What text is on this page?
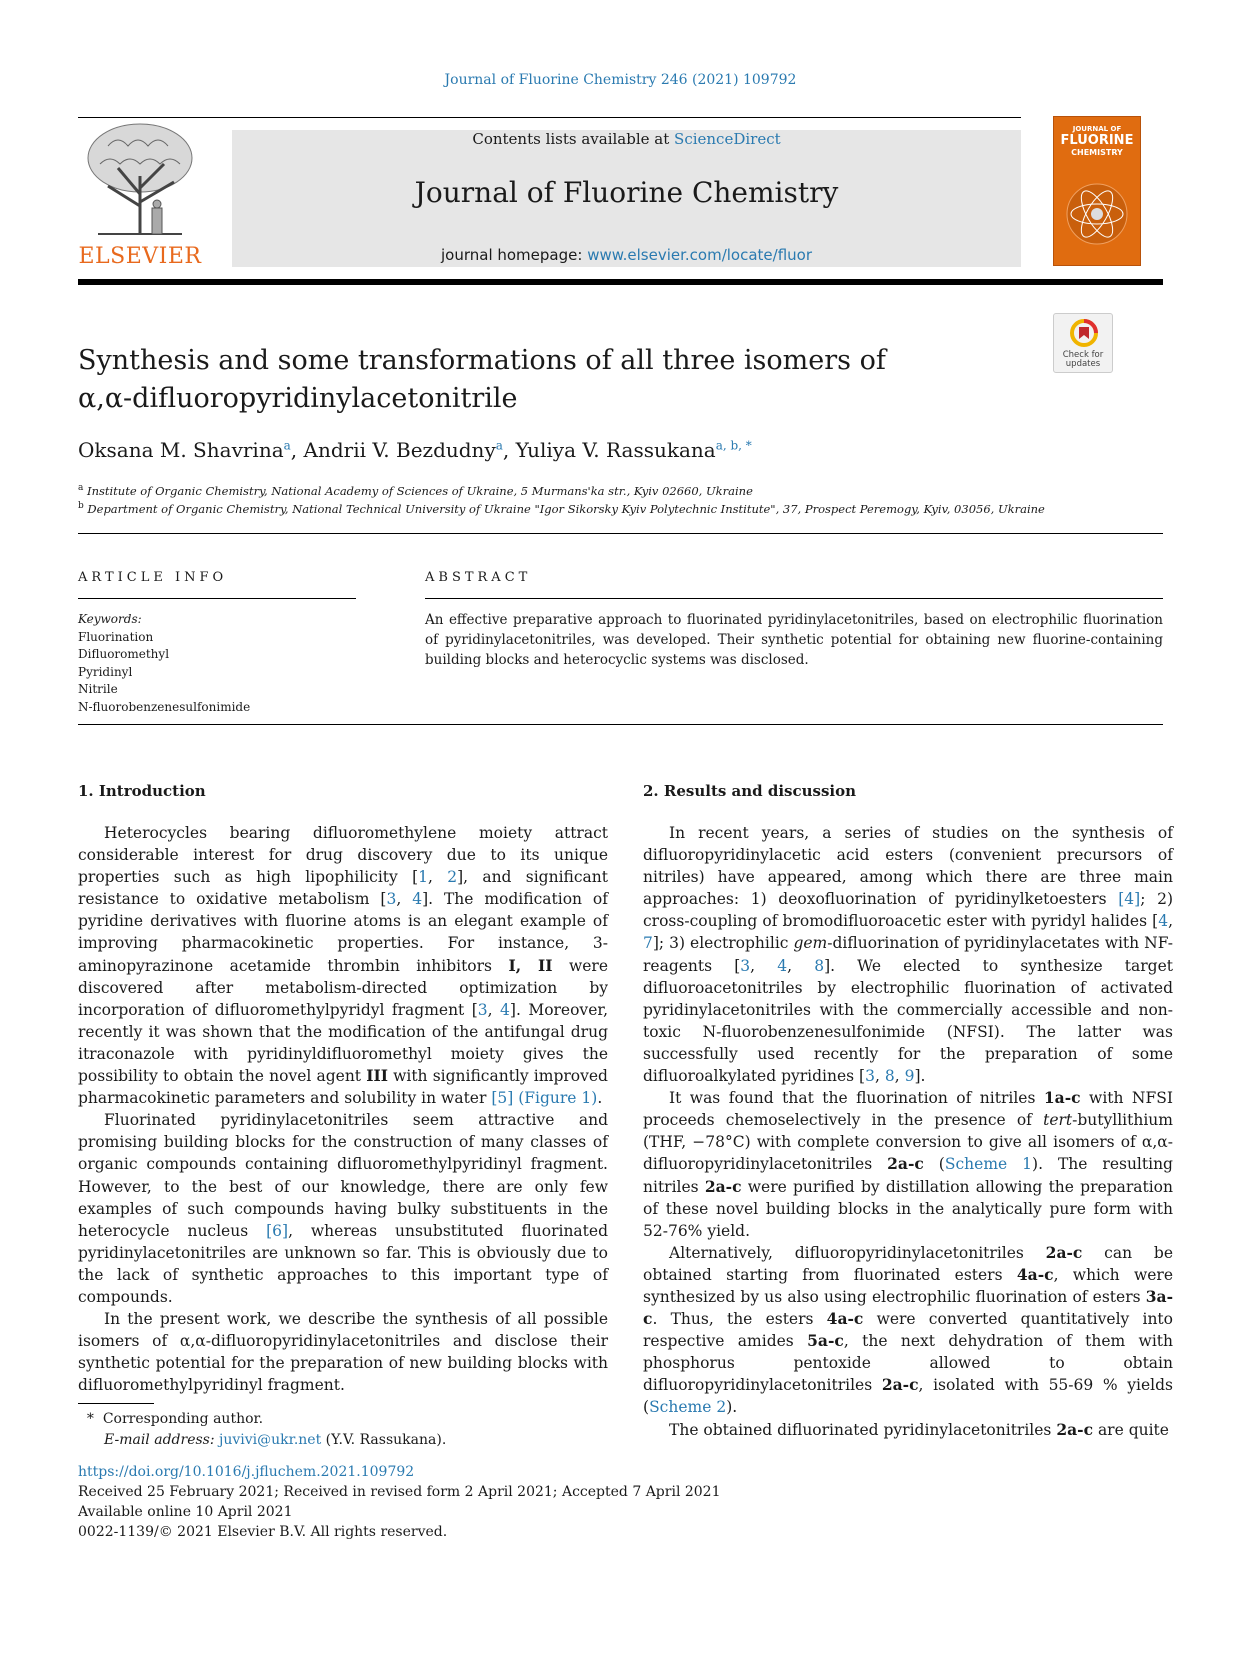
Journal of Fluorine Chemistry 246 (2021) 109792
ELSEVIER
Contents lists available at ScienceDirect
Journal of Fluorine Chemistry
journal homepage: www.elsevier.com/locate/fluor
JOURNAL OF
FLUORINE
CHEMISTRY
Check for
updates
Synthesis and some transformations of all three isomers of
α,α-difluoropyridinylacetonitrile
Oksana M. Shavrina$^a$, Andrii V. Bezdudny$^a$, Yuliya V. Rassukana$^{a, b, *}$
$^a$ Institute of Organic Chemistry, National Academy of Sciences of Ukraine, 5 Murmans'ka str., Kyiv 02660, Ukraine
$^b$ Department of Organic Chemistry, National Technical University of Ukraine "Igor Sikorsky Kyiv Polytechnic Institute", 37, Prospect Peremogy, Kyiv, 03056, Ukraine
ARTICLE INFO
Keywords:
Fluorination
Difluoromethyl
Pyridinyl
Nitrile
N-fluorobenzenesulfonimide
ABSTRACT
An effective preparative approach to fluorinated pyridinylacetonitriles, based on electrophilic fluorination of pyridinylacetonitriles, was developed. Their synthetic potential for obtaining new fluorine-containing building blocks and heterocyclic systems was disclosed.
1. Introduction	2. Results and discussion

Heterocycles bearing difluoromethylene moiety attract considerable interest for drug discovery due to its unique properties such as high lipophilicity [1, 2], and significant resistance to oxidative metabolism [3, 4]. The modification of pyridine derivatives with fluorine atoms is an elegant example of improving pharmacokinetic properties. For instance, 3-aminopyrazinone acetamide thrombin inhibitors I, II were discovered after metabolism-directed optimization by incorporation of difluoromethylpyridyl fragment [3, 4]. Moreover, recently it was shown that the modification of the antifungal drug itraconazole with pyridinyldifluoromethyl moiety gives the possibility to obtain the novel agent III with significantly improved pharmacokinetic parameters and solubility in water [5] (Figure 1).

Fluorinated pyridinylacetonitriles seem attractive and promising building blocks for the construction of many classes of organic compounds containing difluoromethylpyridinyl fragment. However, to the best of our knowledge, there are only few examples of such compounds having bulky substituents in the heterocycle nucleus [6], whereas unsubstituted fluorinated pyridinylacetonitriles are unknown so far. This is obviously due to the lack of synthetic approaches to this important type of compounds.

In the present work, we describe the synthesis of all possible isomers of α,α-difluoropyridinylacetonitriles and disclose their synthetic potential for the preparation of new building blocks with difluoromethylpyridinyl fragment.

In recent years, a series of studies on the synthesis of difluoropyridinylacetic acid esters (convenient precursors of nitriles) have appeared, among which there are three main approaches: 1) deoxofluorination of pyridinylketoesters [4]; 2) cross-coupling of bromodifluoroacetic ester with pyridyl halides [4, 7]; 3) electrophilic gem-difluorination of pyridinylacetates with NF-reagents [3, 4, 8]. We elected to synthesize target difluoroacetonitriles by electrophilic fluorination of activated pyridinylacetonitriles with the commercially accessible and non-toxic N-fluorobenzenesulfonimide (NFSI). The latter was successfully used recently for the preparation of some difluoroalkylated pyridines [3, 8, 9].

It was found that the fluorination of nitriles 1a-c with NFSI proceeds chemoselectively in the presence of tert-butyllithium (THF, −78°C) with complete conversion to give all isomers of α,α-difluoropyridinylacetonitriles 2a-c (Scheme 1). The resulting nitriles 2a-c were purified by distillation allowing the preparation of these novel building blocks in the analytically pure form with 52-76% yield.

Alternatively, difluoropyridinylacetonitriles 2a-c can be obtained starting from fluorinated esters 4a-c, which were synthesized by us also using electrophilic fluorination of esters 3a-c. Thus, the esters 4a-c were converted quantitatively into respective amides 5a-c, the next dehydration of them with phosphorus pentoxide allowed to obtain difluoropyridinylacetonitriles 2a-c, isolated with 55-69 % yields (Scheme 2).

The obtained difluorinated pyridinylacetonitriles 2a-c are quite

* Corresponding author.
E-mail address: juvivi@ukr.net (Y.V. Rassukana).
https://doi.org/10.1016/j.jfluchem.2021.109792
Received 25 February 2021; Received in revised form 2 April 2021; Accepted 7 April 2021
Available online 10 April 2021
0022-1139/© 2021 Elsevier B.V. All rights reserved.
